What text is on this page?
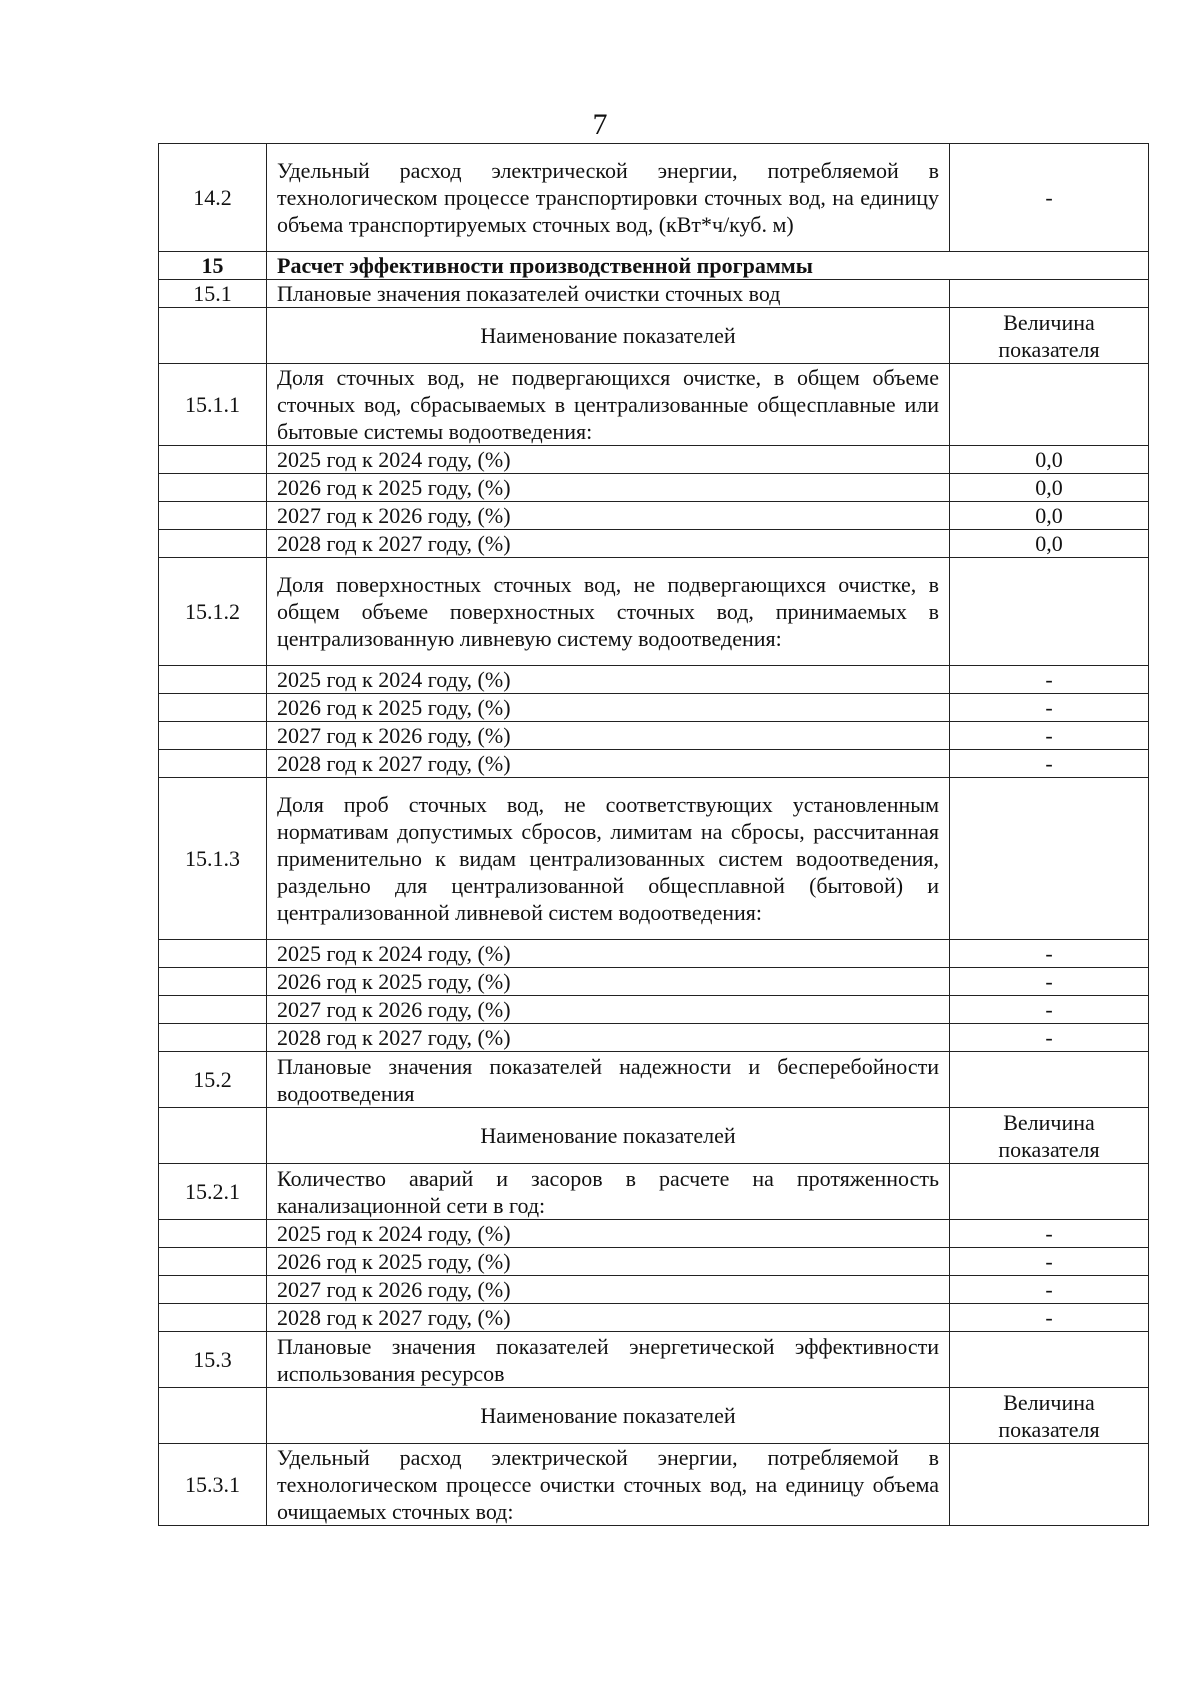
7
14.2	Удельный расход электрической энергии, потребляемой в технологическом процессе транспортировки сточных вод, на единицу объема транспортируемых сточных вод, (кВт*ч/куб. м)	-
15	Расчет эффективности производственной программы	
15.1	Плановые значения показателей очистки сточных вод	
	Наименование показателей	Величина показателя
15.1.1	Доля сточных вод, не подвергающихся очистке, в общем объеме сточных вод, сбрасываемых в централизованные общесплавные или бытовые системы водоотведения:	
	2025 год к 2024 году, (%)	0,0
	2026 год к 2025 году, (%)	0,0
	2027 год к 2026 году, (%)	0,0
	2028 год к 2027 году, (%)	0,0
15.1.2	Доля поверхностных сточных вод, не подвергающихся очистке, в общем объеме поверхностных сточных вод, принимаемых в централизованную ливневую систему водоотведения:	
	2025 год к 2024 году, (%)	-
	2026 год к 2025 году, (%)	-
	2027 год к 2026 году, (%)	-
	2028 год к 2027 году, (%)	-
15.1.3	Доля проб сточных вод, не соответствующих установленным нормативам допустимых сбросов, лимитам на сбросы, рассчитанная применительно к видам централизованных систем водоотведения, раздельно для централизованной общесплавной (бытовой) и централизованной ливневой систем водоотведения:	
	2025 год к 2024 году, (%)	-
	2026 год к 2025 году, (%)	-
	2027 год к 2026 году, (%)	-
	2028 год к 2027 году, (%)	-
15.2	Плановые значения показателей надежности и бесперебойности водоотведения	
	Наименование показателей	Величина показателя
15.2.1	Количество аварий и засоров в расчете на протяженность канализационной сети в год:	
	2025 год к 2024 году, (%)	-
	2026 год к 2025 году, (%)	-
	2027 год к 2026 году, (%)	-
	2028 год к 2027 году, (%)	-
15.3	Плановые значения показателей энергетической эффективности использования ресурсов	
	Наименование показателей	Величина показателя
15.3.1	Удельный расход электрической энергии, потребляемой в технологическом процессе очистки сточных вод, на единицу объема очищаемых сточных вод:	
